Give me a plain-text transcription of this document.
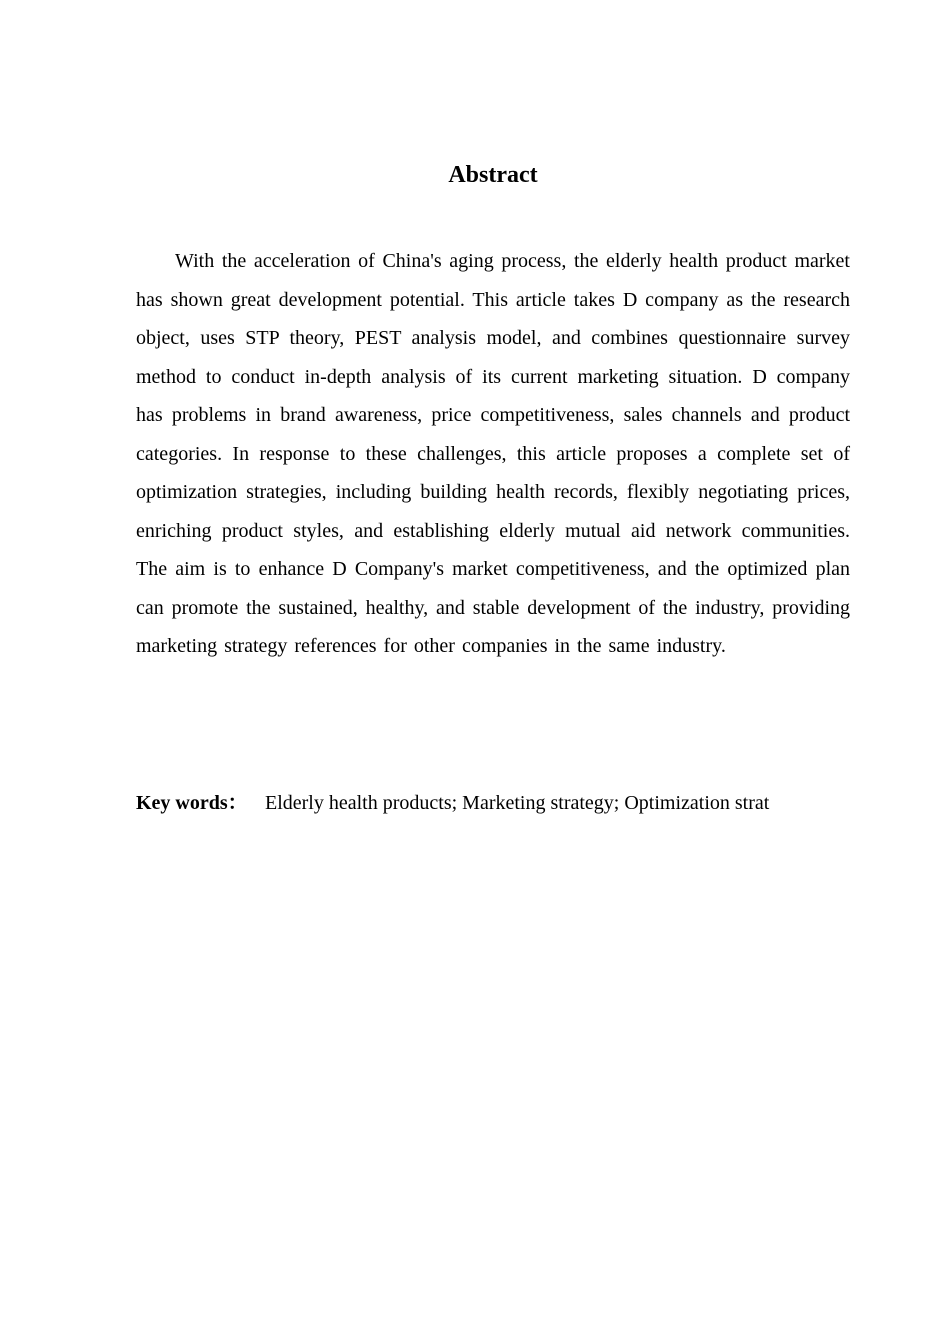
Abstract

With the acceleration of China's aging process, the elderly health product market has shown great development potential. This article takes D company as the research object, uses STP theory, PEST analysis model, and combines questionnaire survey method to conduct in-depth analysis of its current marketing situation. D company has problems in brand awareness, price competitiveness, sales channels and product categories. In response to these challenges, this article proposes a complete set of optimization strategies, including building health records, flexibly negotiating prices, enriching product styles, and establishing elderly mutual aid network communities. The aim is to enhance D Company's market competitiveness, and the optimized plan can promote the sustained, healthy, and stable development of the industry, providing marketing strategy references for other companies in the same industry.

Key words： Elderly health products; Marketing strategy; Optimization strat
